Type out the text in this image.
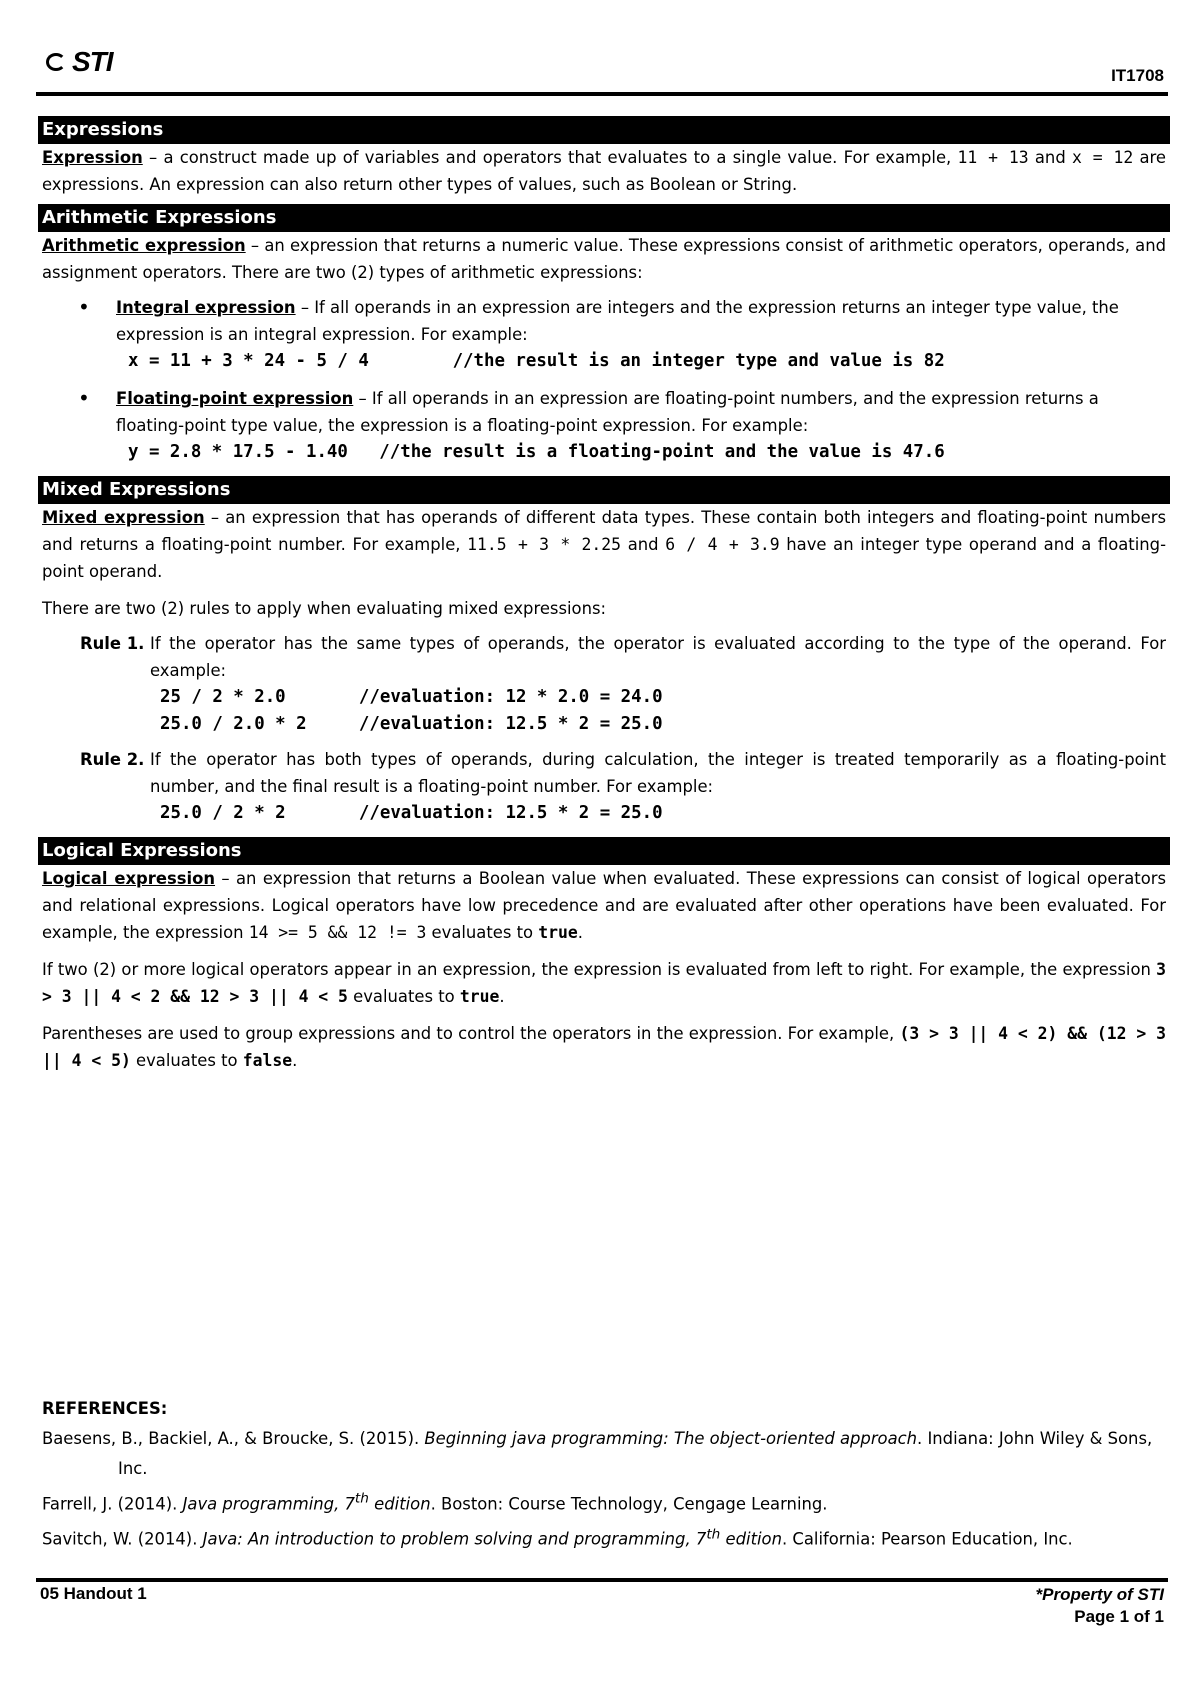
STI	IT1708
Expressions

Expression – a construct made up of variables and operators that evaluates to a single value. For example, 11 + 13 and x = 12 are expressions. An expression can also return other types of values, such as Boolean or String.

Arithmetic Expressions

Arithmetic expression – an expression that returns a numeric value. These expressions consist of arithmetic operators, operands, and assignment operators. There are two (2) types of arithmetic expressions:

• Integral expression – If all operands in an expression are integers and the expression returns an integer type value, the expression is an integral expression. For example:
x = 11 + 3 * 24 - 5 / 4        //the result is an integer type and value is 82
• Floating-point expression – If all operands in an expression are floating-point numbers, and the expression returns a floating-point type value, the expression is a floating-point expression. For example:
y = 2.8 * 17.5 - 1.40   //the result is a floating-point and the value is 47.6
Mixed Expressions

Mixed expression – an expression that has operands of different data types. These contain both integers and floating-point numbers and returns a floating-point number. For example, 11.5 + 3 * 2.25 and 6 / 4 + 3.9 have an integer type operand and a floating-point operand.

There are two (2) rules to apply when evaluating mixed expressions:

Rule 1. If the operator has the same types of operands, the operator is evaluated according to the type of the operand. For example:

25 / 2 * 2.0       //evaluation: 12 * 2.0 = 24.0
25.0 / 2.0 * 2     //evaluation: 12.5 * 2 = 25.0
Rule 2. If the operator has both types of operands, during calculation, the integer is treated temporarily as a floating-point number, and the final result is a floating-point number. For example:

25.0 / 2 * 2       //evaluation: 12.5 * 2 = 25.0
Logical Expressions

Logical expression – an expression that returns a Boolean value when evaluated. These expressions can consist of logical operators and relational expressions. Logical operators have low precedence and are evaluated after other operations have been evaluated. For example, the expression 14 >= 5 && 12 != 3 evaluates to true.

If two (2) or more logical operators appear in an expression, the expression is evaluated from left to right. For example, the expression 3 > 3 || 4 < 2 && 12 > 3 || 4 < 5 evaluates to true.

Parentheses are used to group expressions and to control the operators in the expression. For example, (3 > 3 || 4 < 2) && (12 > 3 || 4 < 5) evaluates to false.

REFERENCES:
Baesens, B., Backiel, A., & Broucke, S. (2015). Beginning java programming: The object-oriented approach. Indiana: John Wiley & Sons, Inc.
Farrell, J. (2014). Java programming, 7th edition. Boston: Course Technology, Cengage Learning.
Savitch, W. (2014). Java: An introduction to problem solving and programming, 7th edition. California: Pearson Education, Inc.
05 Handout 1	*Property of STI
Page 1 of 1
